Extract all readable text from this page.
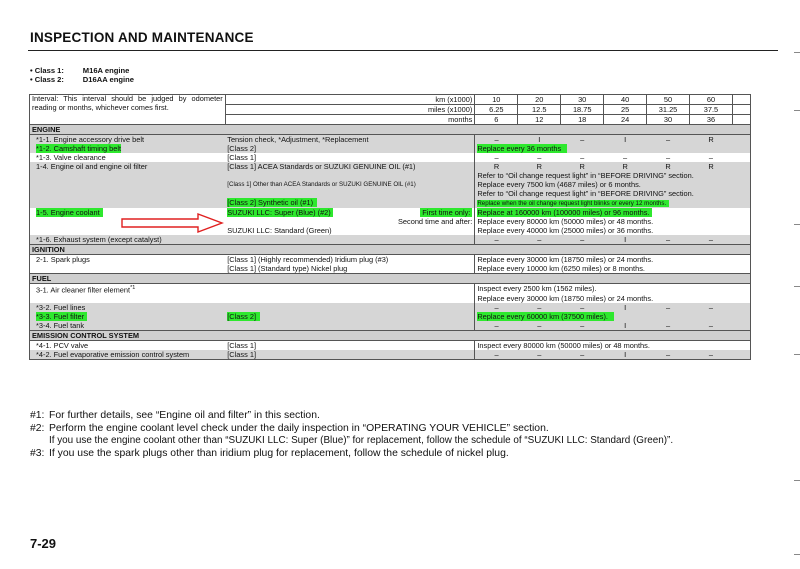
INSPECTION AND MAINTENANCE
• Class 1: M16A engine
• Class 2: D16AA engine
Interval: This interval should be judged by odometer reading or months, whichever comes first.	km (x1000)	10	20	30	40	50	60	
	miles (x1000)	6.25	12.5	18.75	25	31.25	37.5	
	months	6	12	18	24	30	36	
ENGINE								
*1-1. Engine accessory drive belt	Tension check, *Adjustment, *Replacement	–	I	–	I	–	R	
*1-2. Camshaft timing belt	[Class 2]	Replace every 36 months						
*1-3. Valve clearance	[Class 1]	–	–	–	–	–	–	
1-4. Engine oil and engine oil filter	[Class 1] ACEA Standards or SUZUKI GENUINE OIL (#1)	R	R	R	R	R	R	
		Refer to “Oil change request light” in “BEFORE DRIVING” section.						
	[Class 1] Other than ACEA Standards or SUZUKI GENUINE OIL (#1)	Replace every 7500 km (4687 miles) or 6 months.						
		Refer to “Oil change request light” in “BEFORE DRIVING” section.						
	[Class 2] Synthetic oil (#1)	Replace when the oil change request light blinks or every 12 months.						
1-5. Engine coolant	SUZUKI LLC: Super (Blue) (#2) First time only:	Replace at 160000 km (100000 miles) or 96 months.						
	Second time and after:	Replace every 80000 km (50000 miles) or 48 months.						
	SUZUKI LLC: Standard (Green)	Replace every 40000 km (25000 miles) or 36 months.						
*1-6. Exhaust system (except catalyst)		–	–	–	I	–	–	
IGNITION								
2-1. Spark plugs	[Class 1] (Highly recommended) Iridium plug (#3)	Replace every 30000 km (18750 miles) or 24 months.						
	[Class 1] (Standard type) Nickel plug	Replace every 10000 km (6250 miles) or 8 months.						
FUEL								
3-1. Air cleaner filter element$^{*1}$		Inspect every 2500 km (1562 miles).						
		Replace every 30000 km (18750 miles) or 24 months.						
*3-2. Fuel lines		–	–	–	I	–	–	
*3-3. Fuel filter	[Class 2]	Replace every 60000 km (37500 miles).						
*3-4. Fuel tank		–	–	–	I	–	–	
EMISSION CONTROL SYSTEM								
*4-1. PCV valve	[Class 1]	Inspect every 80000 km (50000 miles) or 48 months.						
*4-2. Fuel evaporative emission control system	[Class 1]	–	–	–	I	–	–	
#1: For further details, see “Engine oil and filter” in this section.
#2: Perform the engine coolant level check under the daily inspection in “OPERATING YOUR VEHICLE” section.
If you use the engine coolant other than “SUZUKI LLC: Super (Blue)” for replacement, follow the schedule of “SUZUKI LLC: Standard (Green)”.
#3: If you use the spark plugs other than iridium plug for replacement, follow the schedule of nickel plug.
7-29
